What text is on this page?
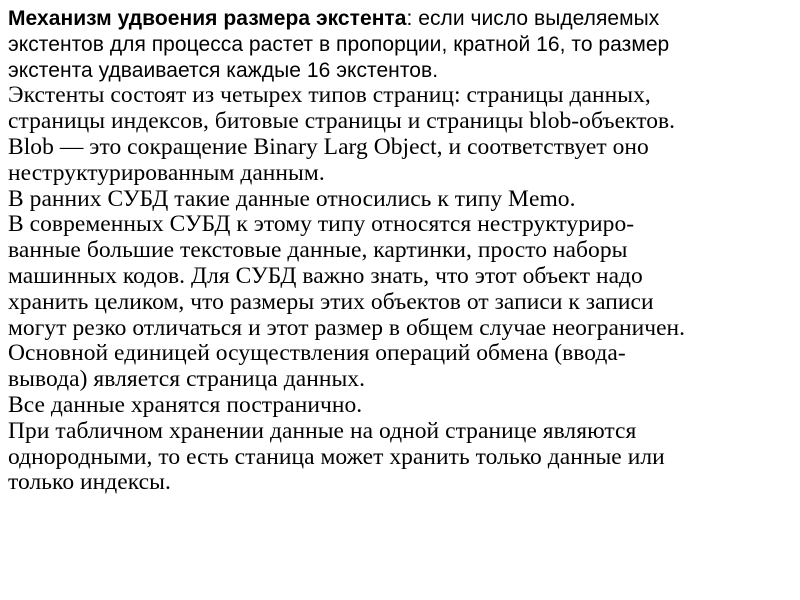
Механизм удвоения размера экстента: если число выделяемых
экстентов для процесса растет в пропорции, кратной 16, то размер
экстента удваивается каждые 16 экстентов.
Экстенты состоят из четырех типов страниц: страницы данных,
страницы индексов, битовые страницы и страницы blob-объектов.
Blob — это сокращение Binary Larg Object, и соответствует оно
неструктурированным данным.
В ранних СУБД такие данные относились к типу Memo.
В современных СУБД к этому типу относятся неструктуриро-
ванные большие текстовые данные, картинки, просто наборы
машинных кодов. Для СУБД важно знать, что этот объект надо
хранить целиком, что размеры этих объектов от записи к записи
могут резко отличаться и этот размер в общем случае неограничен.
Основной единицей осуществления операций обмена (ввода-
вывода) является страница данных.
Все данные хранятся постранично.
При табличном хранении данные на одной странице являются
однородными, то есть станица может хранить только данные или
только индексы.
